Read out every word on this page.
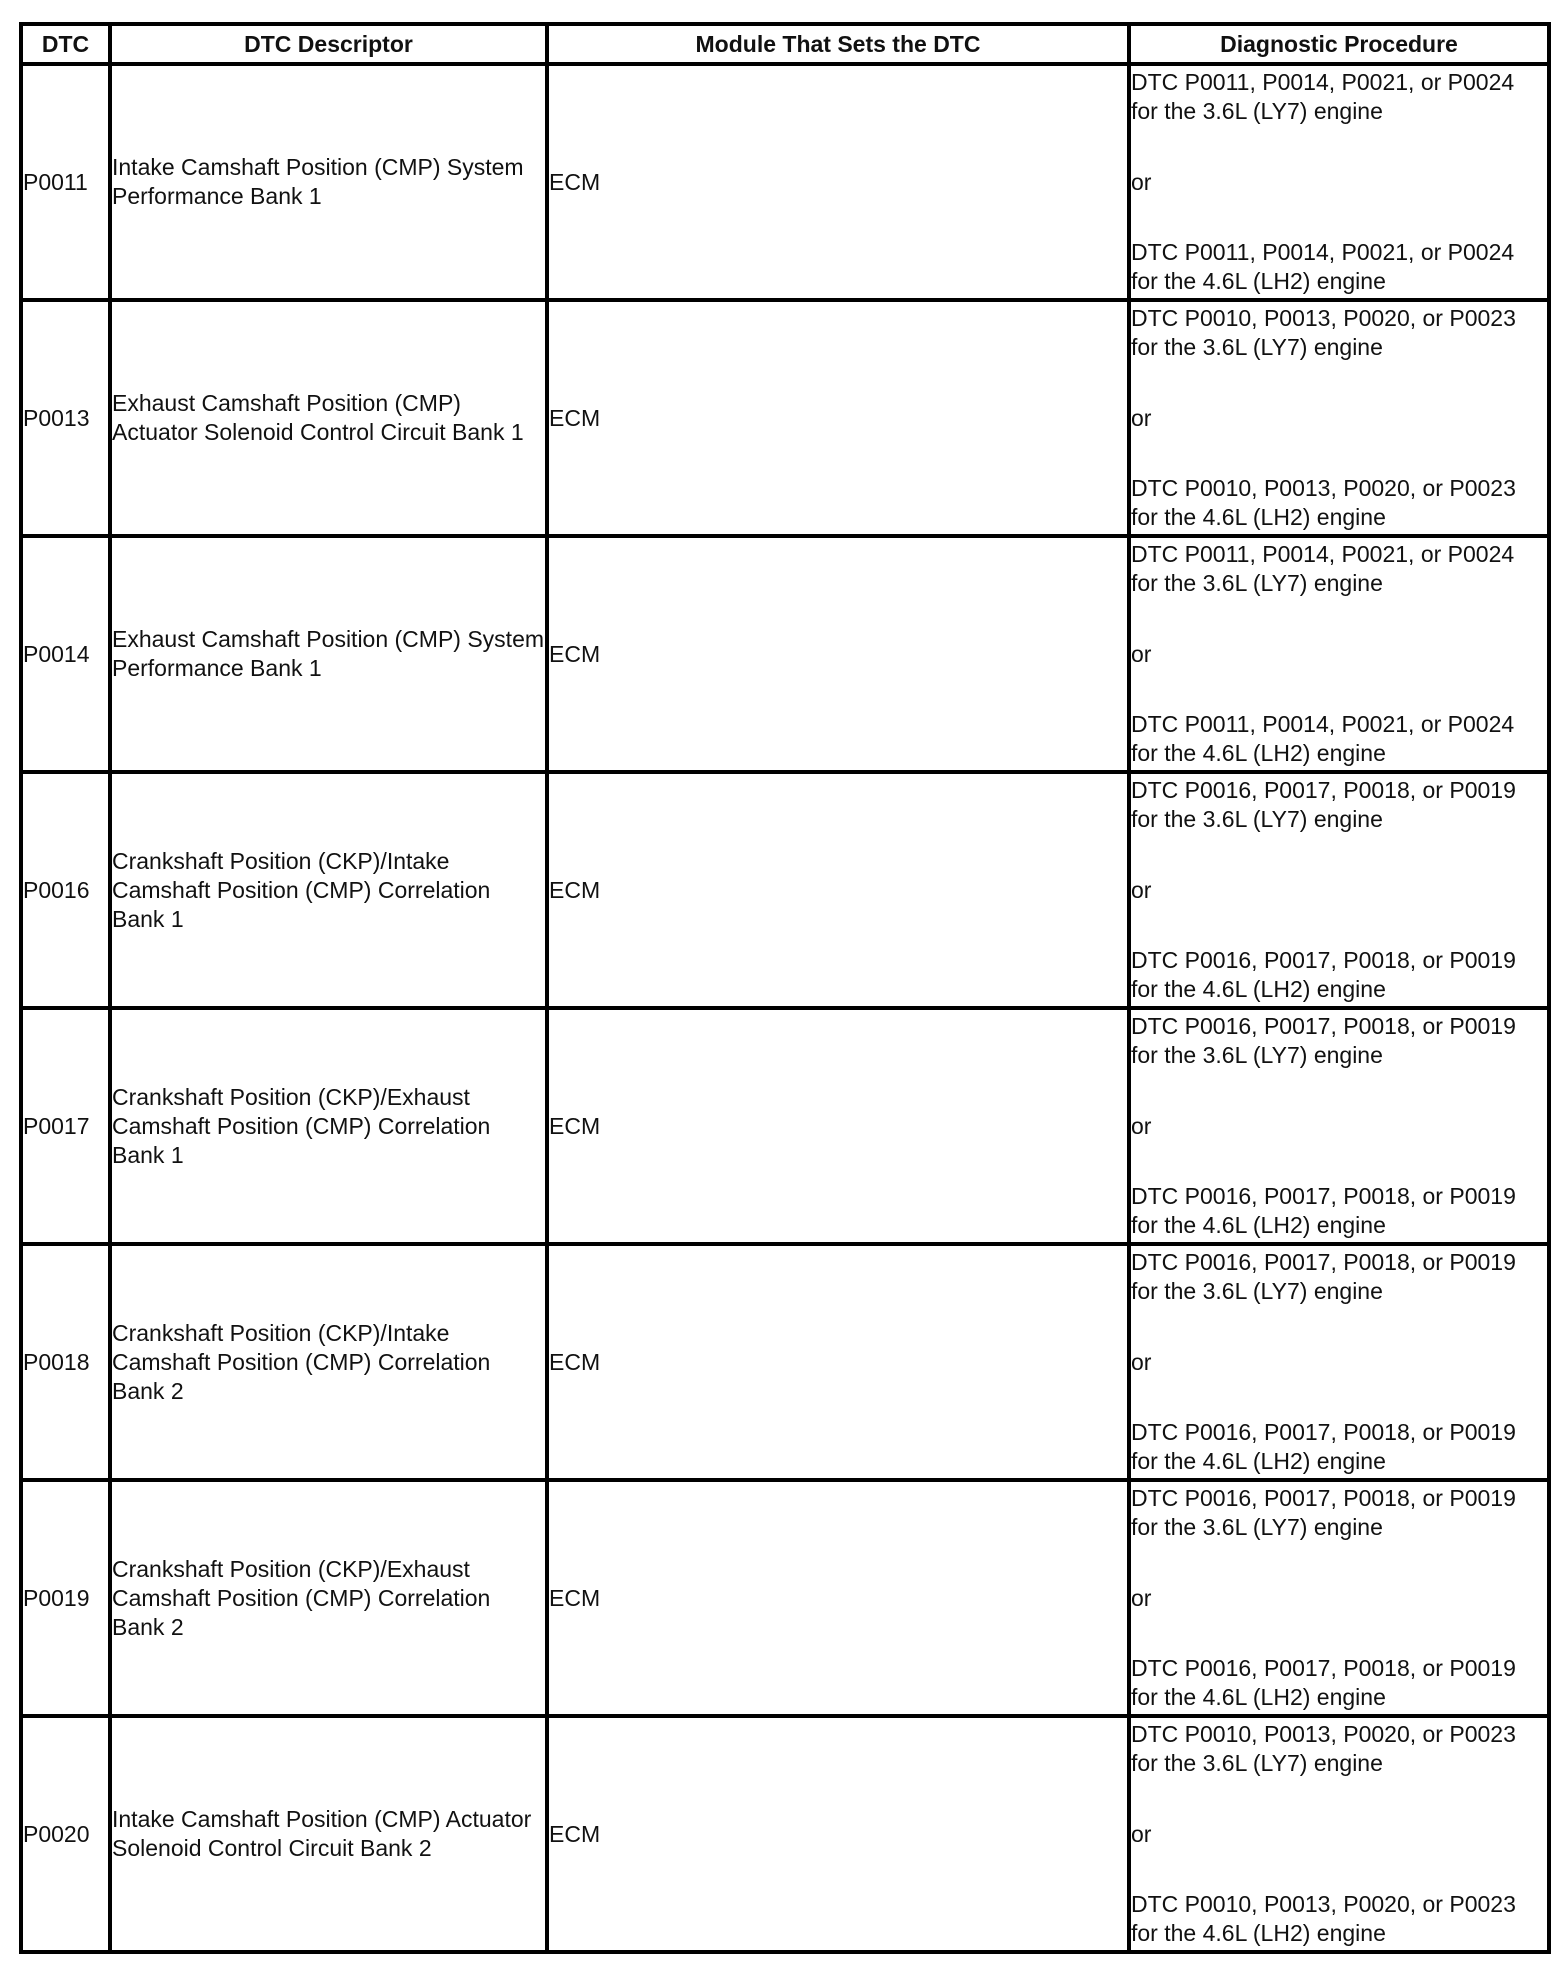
DTC	DTC Descriptor	Module That Sets the DTC	Diagnostic Procedure
P0011	Intake Camshaft Position (CMP) System Performance Bank 1	ECM	DTC P0011, P0014, P0021, or P0024 for the 3.6L (LY7) engine

or

DTC P0011, P0014, P0021, or P0024 for the 4.6L (LH2) engine

P0013	Exhaust Camshaft Position (CMP) Actuator Solenoid Control Circuit Bank 1	ECM	DTC P0010, P0013, P0020, or P0023 for the 3.6L (LY7) engine

or

DTC P0010, P0013, P0020, or P0023 for the 4.6L (LH2) engine

P0014	Exhaust Camshaft Position (CMP) System Performance Bank 1	ECM	DTC P0011, P0014, P0021, or P0024 for the 3.6L (LY7) engine

or

DTC P0011, P0014, P0021, or P0024 for the 4.6L (LH2) engine

P0016	Crankshaft Position (CKP)/Intake Camshaft Position (CMP) Correlation Bank 1	ECM	DTC P0016, P0017, P0018, or P0019 for the 3.6L (LY7) engine

or

DTC P0016, P0017, P0018, or P0019 for the 4.6L (LH2) engine

P0017	Crankshaft Position (CKP)/Exhaust Camshaft Position (CMP) Correlation Bank 1	ECM	DTC P0016, P0017, P0018, or P0019 for the 3.6L (LY7) engine

or

DTC P0016, P0017, P0018, or P0019 for the 4.6L (LH2) engine

P0018	Crankshaft Position (CKP)/Intake Camshaft Position (CMP) Correlation Bank 2	ECM	DTC P0016, P0017, P0018, or P0019 for the 3.6L (LY7) engine

or

DTC P0016, P0017, P0018, or P0019 for the 4.6L (LH2) engine

P0019	Crankshaft Position (CKP)/Exhaust Camshaft Position (CMP) Correlation Bank 2	ECM	DTC P0016, P0017, P0018, or P0019 for the 3.6L (LY7) engine

or

DTC P0016, P0017, P0018, or P0019 for the 4.6L (LH2) engine

P0020	Intake Camshaft Position (CMP) Actuator Solenoid Control Circuit Bank 2	ECM	DTC P0010, P0013, P0020, or P0023 for the 3.6L (LY7) engine

or

DTC P0010, P0013, P0020, or P0023 for the 4.6L (LH2) engine
